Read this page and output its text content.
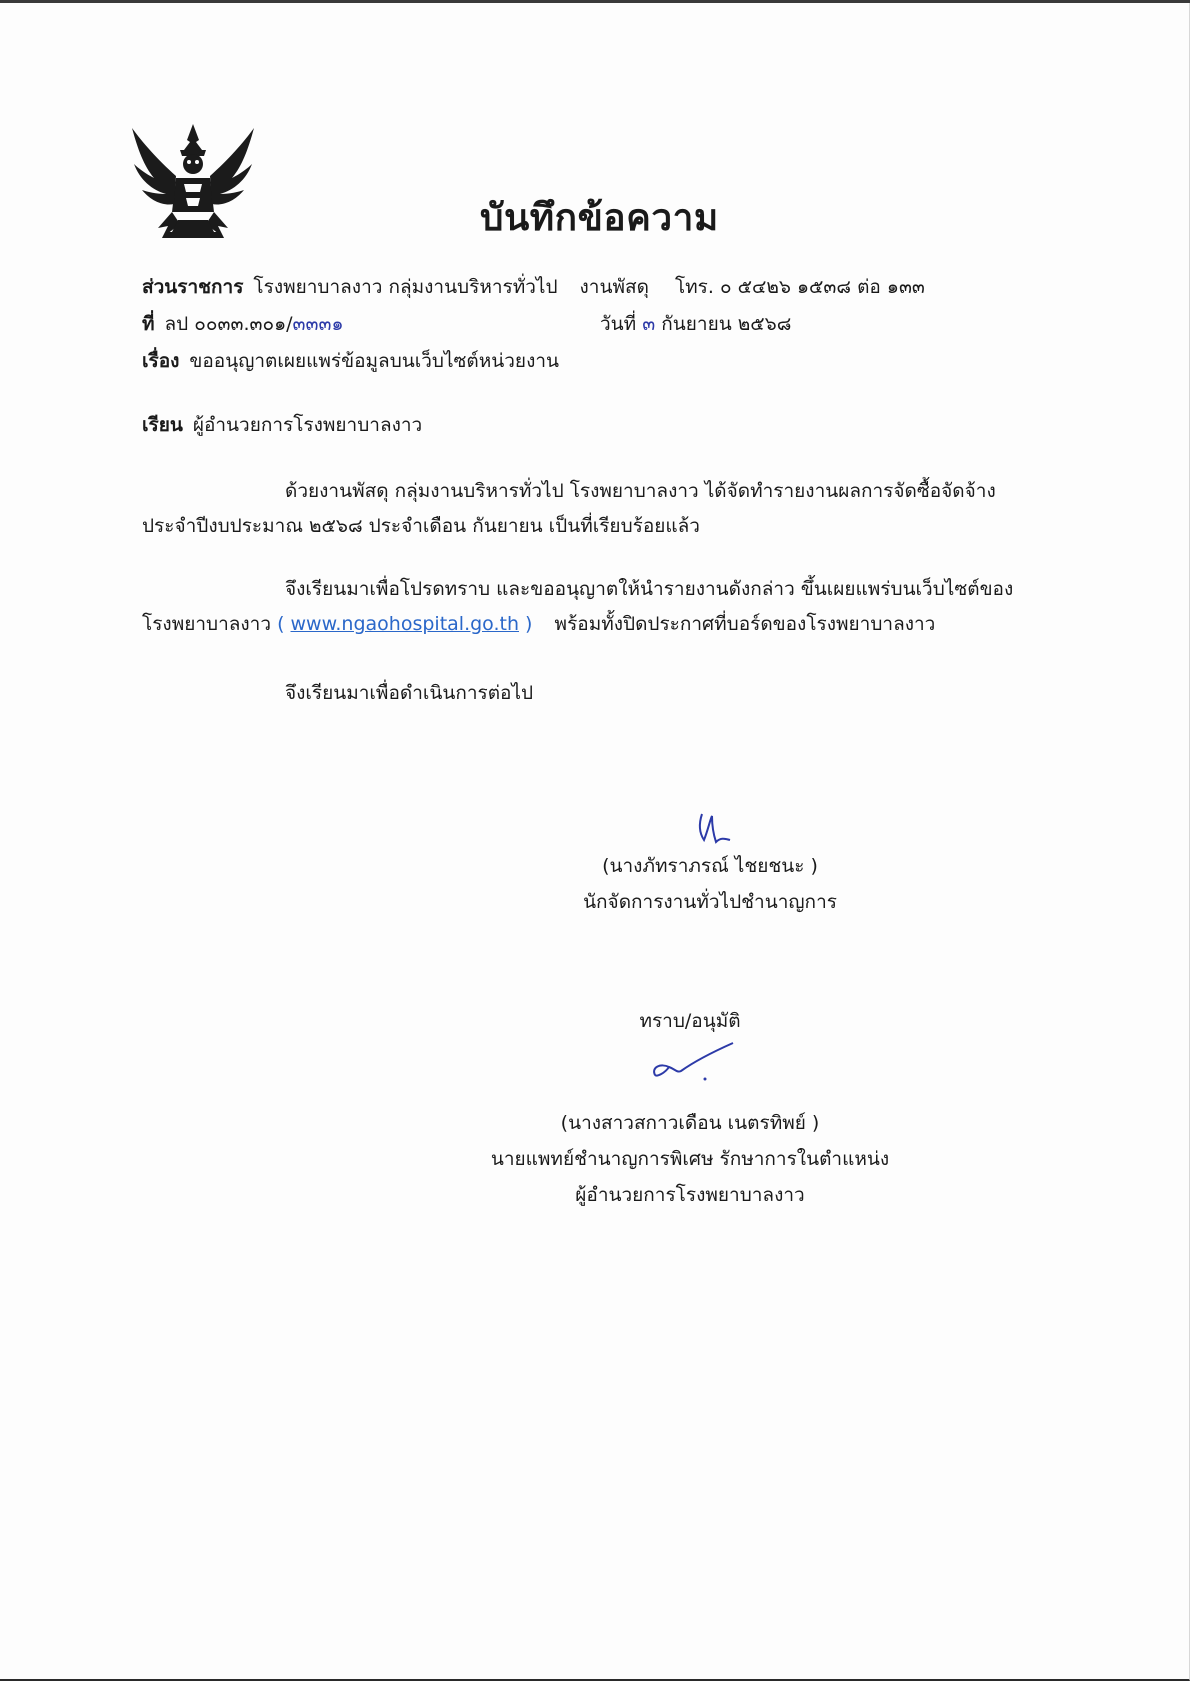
บันทึกข้อความ
ส่วนราชการ โรงพยาบาลงาว กลุ่มงานบริหารทั่วไป งานพัสดุ โทร. ๐ ๕๔๒๖ ๑๕๓๘ ต่อ ๑๓๓
ที่ ลป ๐๐๓๓.๓๐๑/๓๓๓๑	วันที่ ๓ กันยายน ๒๕๖๘
เรื่อง ขออนุญาตเผยแพร่ข้อมูลบนเว็บไซต์หน่วยงาน
เรียน ผู้อำนวยการโรงพยาบาลงาว
ด้วยงานพัสดุ กลุ่มงานบริหารทั่วไป โรงพยาบาลงาว ได้จัดทำรายงานผลการจัดซื้อจัดจ้าง
ประจำปีงบประมาณ ๒๕๖๘ ประจำเดือน กันยายน เป็นที่เรียบร้อยแล้ว
จึงเรียนมาเพื่อโปรดทราบ และขออนุญาตให้นำรายงานดังกล่าว ขึ้นเผยแพร่บนเว็บไซต์ของ
โรงพยาบาลงาว ( www.ngaohospital.go.th ) พร้อมทั้งปิดประกาศที่บอร์ดของโรงพยาบาลงาว
จึงเรียนมาเพื่อดำเนินการต่อไป
(นางภัทราภรณ์ ไชยชนะ )
นักจัดการงานทั่วไปชำนาญการ
ทราบ/อนุมัติ
(นางสาวสกาวเดือน เนตรทิพย์ )
นายแพทย์ชำนาญการพิเศษ รักษาการในตำแหน่ง
ผู้อำนวยการโรงพยาบาลงาว
